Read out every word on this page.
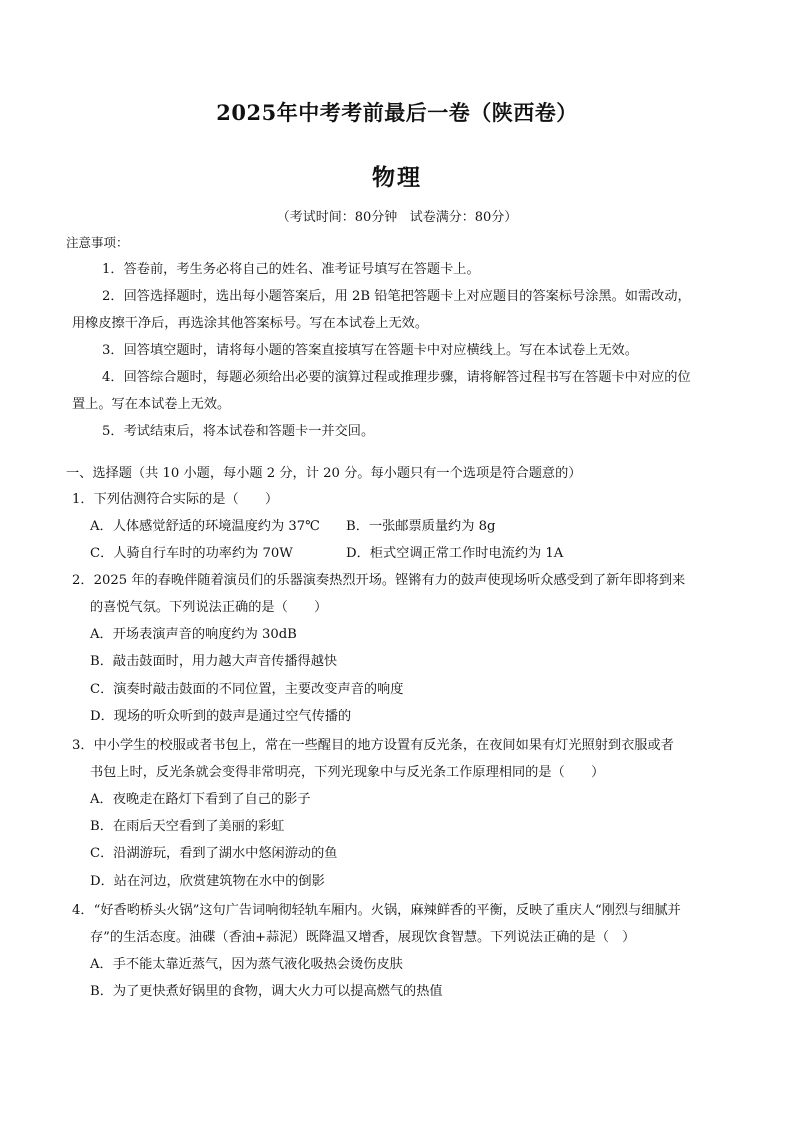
2025年中考考前最后一卷（陕西卷）
物理
（考试时间：80分钟   试卷满分：80分）
注意事项：
1．答卷前，考生务必将自己的姓名、准考证号填写在答题卡上。
2．回答选择题时，选出每小题答案后，用 2B 铅笔把答题卡上对应题目的答案标号涂黑。如需改动，
用橡皮擦干净后，再选涂其他答案标号。写在本试卷上无效。
3．回答填空题时，请将每小题的答案直接填写在答题卡中对应横线上。写在本试卷上无效。
4．回答综合题时，每题必须给出必要的演算过程或推理步骤，请将解答过程书写在答题卡中对应的位
置上。写在本试卷上无效。
5．考试结束后，将本试卷和答题卡一并交回。
一、选择题（共 10 小题，每小题 2 分，计 20 分。每小题只有一个选项是符合题意的）
1．下列估测符合实际的是（　　）
A．人体感觉舒适的环境温度约为 37℃ B．一张邮票质量约为 8g
C．人骑自行车时的功率约为 70W	D．柜式空调正常工作时电流约为 1A
2．2025 年的春晚伴随着演员们的乐器演奏热烈开场。铿锵有力的鼓声使现场听众感受到了新年即将到来
的喜悦气氛。下列说法正确的是（　　）
A．开场表演声音的响度约为 30dB
B．敲击鼓面时，用力越大声音传播得越快
C．演奏时敲击鼓面的不同位置，主要改变声音的响度
D．现场的听众听到的鼓声是通过空气传播的
3．中小学生的校服或者书包上，常在一些醒目的地方设置有反光条，在夜间如果有灯光照射到衣服或者
书包上时，反光条就会变得非常明亮，下列光现象中与反光条工作原理相同的是（　　）
A．夜晚走在路灯下看到了自己的影子
B．在雨后天空看到了美丽的彩虹
C．沿湖游玩，看到了湖水中悠闲游动的鱼
D．站在河边，欣赏建筑物在水中的倒影
4．“好香哟桥头火锅”这句广告词响彻轻轨车厢内。火锅，麻辣鲜香的平衡，反映了重庆人“刚烈与细腻并
存”的生活态度。油碟（香油+蒜泥）既降温又增香，展现饮食智慧。下列说法正确的是（　）
A．手不能太靠近蒸气，因为蒸气液化吸热会烫伤皮肤
B．为了更快煮好锅里的食物，调大火力可以提高燃气的热值
